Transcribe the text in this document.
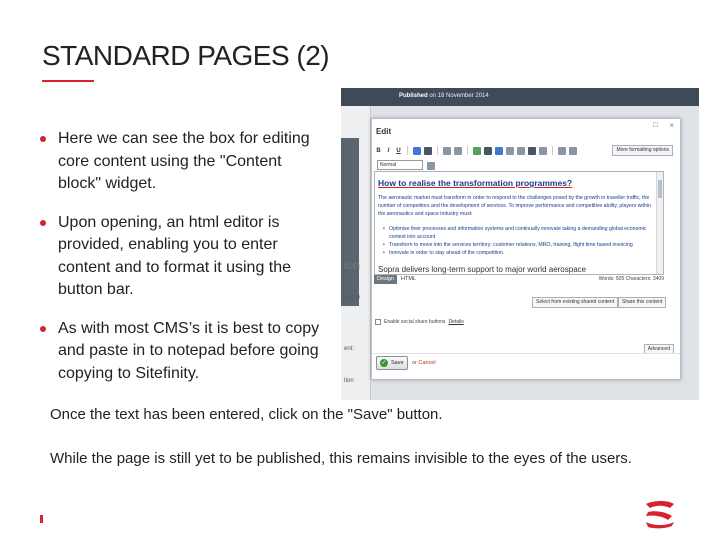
STANDARD PAGES (2)
Here we can see the box for editing core content using the "Content block" widget.
Upon opening, an html editor is provided, enabling you to enter content and to format it using the button bar.
As with most CMS’s it is best to copy and paste in to notepad before going copying to Sitefinity.
Published on 18 November 2014
ion
erts w
ent:
tion
Edit
☐ ×
B	I	U	More formatting options
Normal
How to realise the transformation programmes?
The aeronautic market must transform in order to respond to the challenges posed by the growth in traveller traffic, the number of competitors and the development of services. To improve performance and competitive ability, players within the aeronautics and space industry must:
• Optimise their processes and information systems and continually innovate taking a demanding global economic context into account
• Transform to move into the services territory: customer relations, MRO, training, flight time based invoicing
• Innovate in order to stay ahead of the competition.
Sopra delivers long-term support to major world aerospace
Design	HTML	Words: 505 Characters: 3409
Select from existing shared content	Share this content
Enable social share buttons Details
Advanced
✓ Save or Cancel
Once the text has been entered, click on the "Save" button.
While the page is still yet to be published, this remains invisible to the eyes of the users.
